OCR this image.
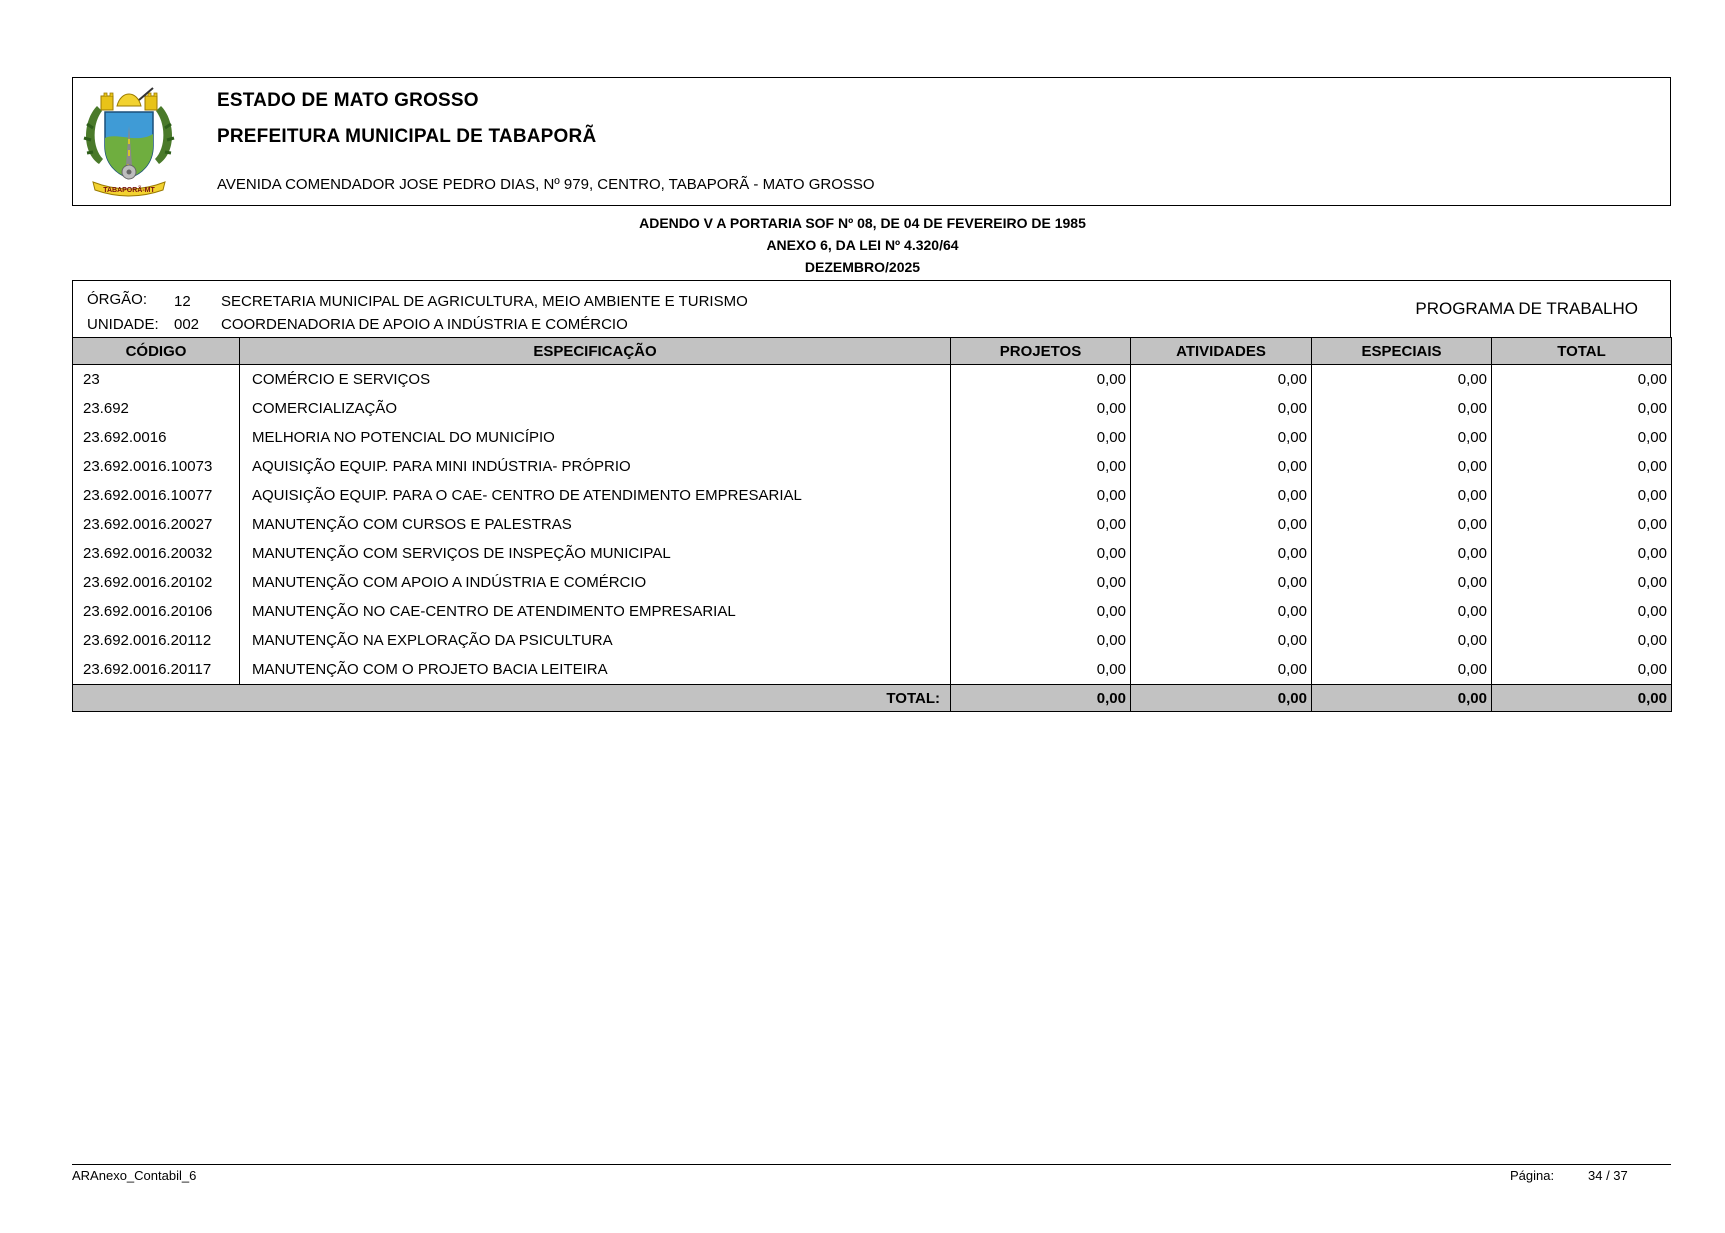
TABAPORÃ-MT
ESTADO DE MATO GROSSO
PREFEITURA MUNICIPAL DE TABAPORÃ
AVENIDA COMENDADOR JOSE PEDRO DIAS, Nº 979, CENTRO, TABAPORÃ - MATO GROSSO
ADENDO V A PORTARIA SOF Nº 08, DE 04 DE FEVEREIRO DE 1985
ANEXO 6, DA LEI Nº 4.320/64
DEZEMBRO/2025
ÓRGÃO: 12 SECRETARIA MUNICIPAL DE AGRICULTURA, MEIO AMBIENTE E TURISMO
UNIDADE: 002 COORDENADORIA DE APOIO A INDÚSTRIA E COMÉRCIO
PROGRAMA DE TRABALHO
CÓDIGO	ESPECIFICAÇÃO	PROJETOS	ATIVIDADES	ESPECIAIS	TOTAL
23	COMÉRCIO E SERVIÇOS	0,00	0,00	0,00	0,00
23.692	COMERCIALIZAÇÃO	0,00	0,00	0,00	0,00
23.692.0016	MELHORIA NO POTENCIAL DO MUNICÍPIO	0,00	0,00	0,00	0,00
23.692.0016.10073	AQUISIÇÃO EQUIP. PARA MINI INDÚSTRIA- PRÓPRIO	0,00	0,00	0,00	0,00
23.692.0016.10077	AQUISIÇÃO EQUIP. PARA O CAE- CENTRO DE ATENDIMENTO EMPRESARIAL	0,00	0,00	0,00	0,00
23.692.0016.20027	MANUTENÇÃO COM CURSOS E PALESTRAS	0,00	0,00	0,00	0,00
23.692.0016.20032	MANUTENÇÃO COM SERVIÇOS DE INSPEÇÃO MUNICIPAL	0,00	0,00	0,00	0,00
23.692.0016.20102	MANUTENÇÃO COM APOIO A INDÚSTRIA E COMÉRCIO	0,00	0,00	0,00	0,00
23.692.0016.20106	MANUTENÇÃO NO CAE-CENTRO DE ATENDIMENTO EMPRESARIAL	0,00	0,00	0,00	0,00
23.692.0016.20112	MANUTENÇÃO NA EXPLORAÇÃO DA PSICULTURA	0,00	0,00	0,00	0,00
23.692.0016.20117	MANUTENÇÃO COM O PROJETO BACIA LEITEIRA	0,00	0,00	0,00	0,00
TOTAL:		0,00	0,00	0,00	0,00
ARAnexo_Contabil_6	Página:	34 / 37
